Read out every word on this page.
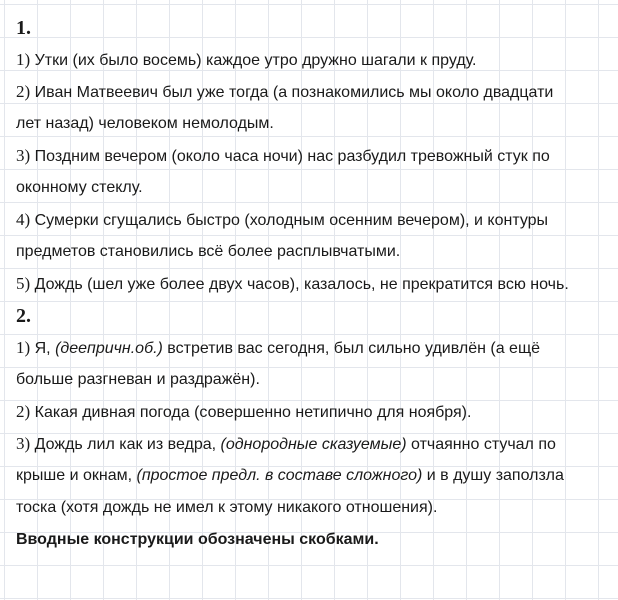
1.

1) Утки (их было восемь) каждое утро дружно шагали к пруду.

2) Иван Матвеевич был уже тогда (а познакомились мы около двадцати

лет назад) человеком немолодым.

3) Поздним вечером (около часа ночи) нас разбудил тревожный стук по

оконному стеклу.

4) Сумерки сгущались быстро (холодным осенним вечером), и контуры

предметов становились всё более расплывчатыми.

5) Дождь (шел уже более двух часов), казалось, не прекратится всю ночь.

2.

1) Я, (деепричн.об.) встретив вас сегодня, был сильно удивлён (а ещё

больше разгневан и раздражён).

2) Какая дивная погода (совершенно нетипично для ноября).

3) Дождь лил как из ведра, (однородные сказуемые) отчаянно стучал по

крыше и окнам, (простое предл. в составе сложного) и в душу заползла

тоска (хотя дождь не имел к этому никакого отношения).

Вводные конструкции обозначены скобками.
